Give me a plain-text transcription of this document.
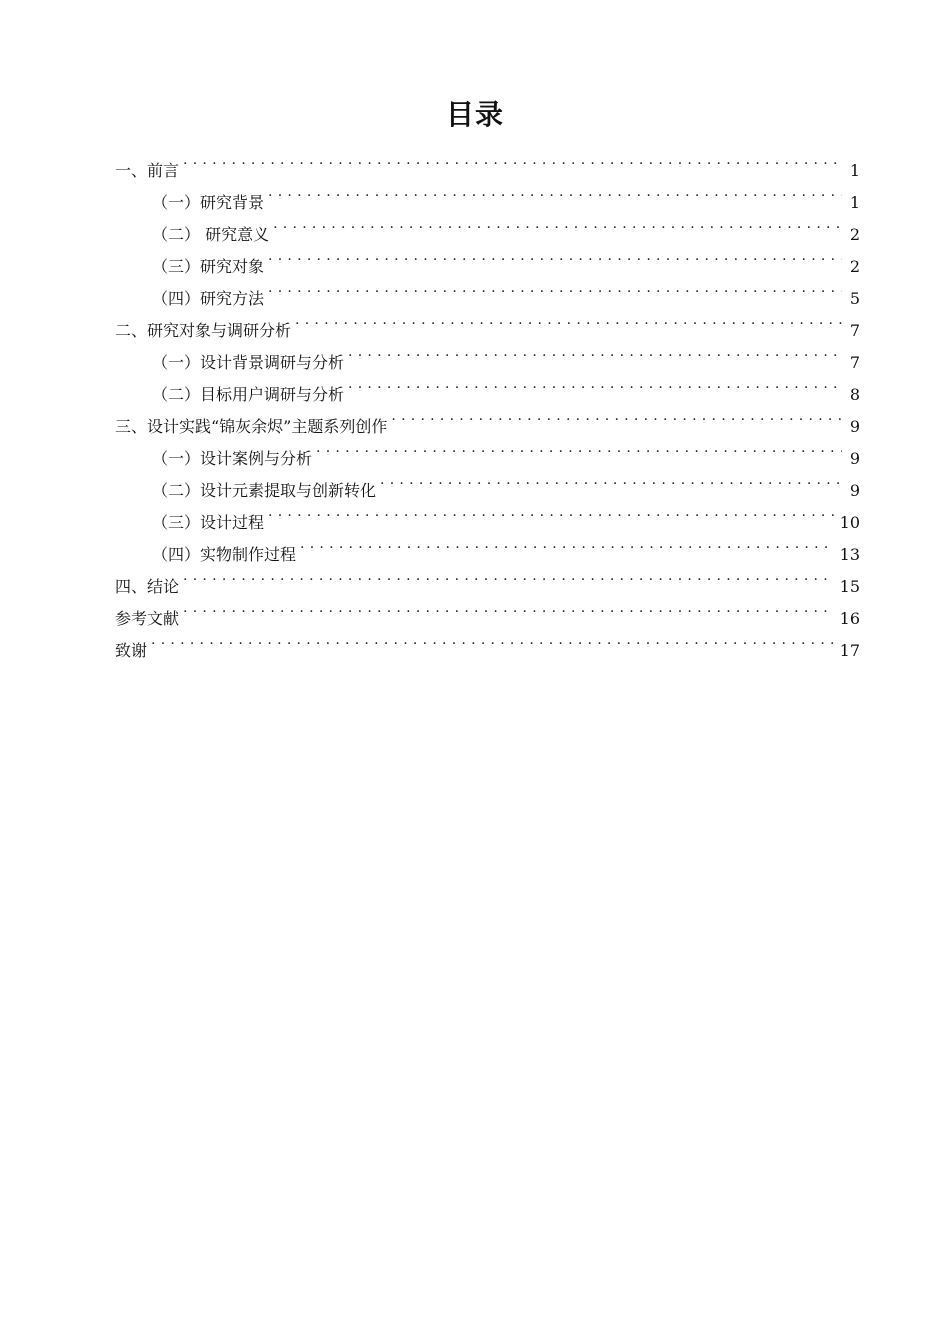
目录
一、前言 . . .	1
（一）研究背景 . . .	1
（二） 研究意义 . . .	2
（三）研究对象 . . .	2
（四）研究方法 . . .	5
二、研究对象与调研分析 . . .	7
（一）设计背景调研与分析 . . .	7
（二）目标用户调研与分析 . . .	8
三、设计实践“锦灰余烬”主题系列创作 . . .	9
（一）设计案例与分析 . . .	9
（二）设计元素提取与创新转化 . . .	9
（三）设计过程 . . .	10
（四）实物制作过程 . . .	13
四、结论 . . .	15
参考文献 . . .	16
致谢 . . .	17
